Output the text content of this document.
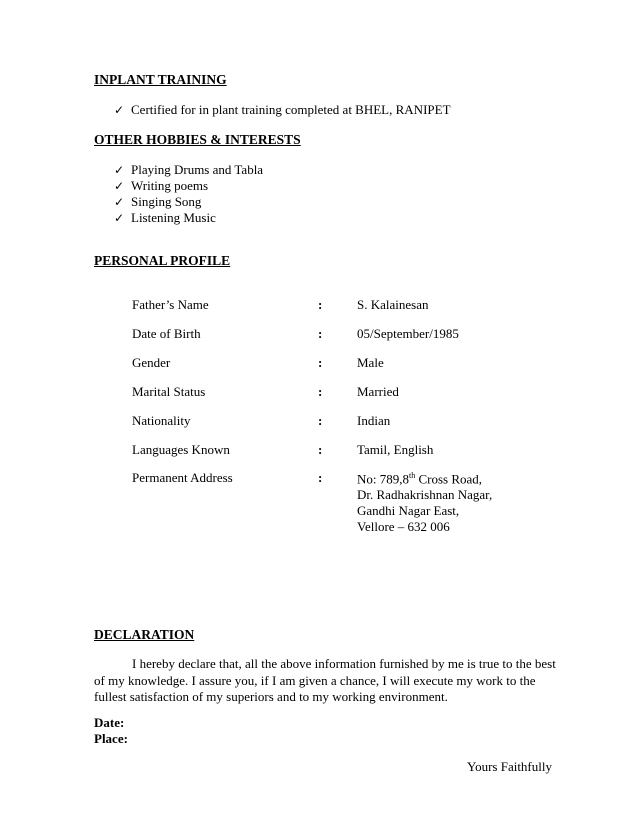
INPLANT TRAINING
✓ Certified for in plant training completed at BHEL, RANIPET
OTHER HOBBIES & INTERESTS
✓ Playing Drums and Tabla
✓ Writing poems
✓ Singing Song
✓ Listening Music
PERSONAL PROFILE
Father’s Name	:	S. Kalainesan
Date of Birth	:	05/September/1985
Gender	:	Male
Marital Status	:	Married
Nationality	:	Indian
Languages Known	:	Tamil, English
Permanent Address	:	No: 789,8th Cross Road,
Dr. Radhakrishnan Nagar,
Gandhi Nagar East,
Vellore – 632 006
DECLARATION
I hereby declare that, all the above information furnished by me is true to the best of my knowledge. I assure you, if I am given a chance, I will execute my work to the fullest satisfaction of my superiors and to my working environment.
Date:
Place:
Yours Faithfully
